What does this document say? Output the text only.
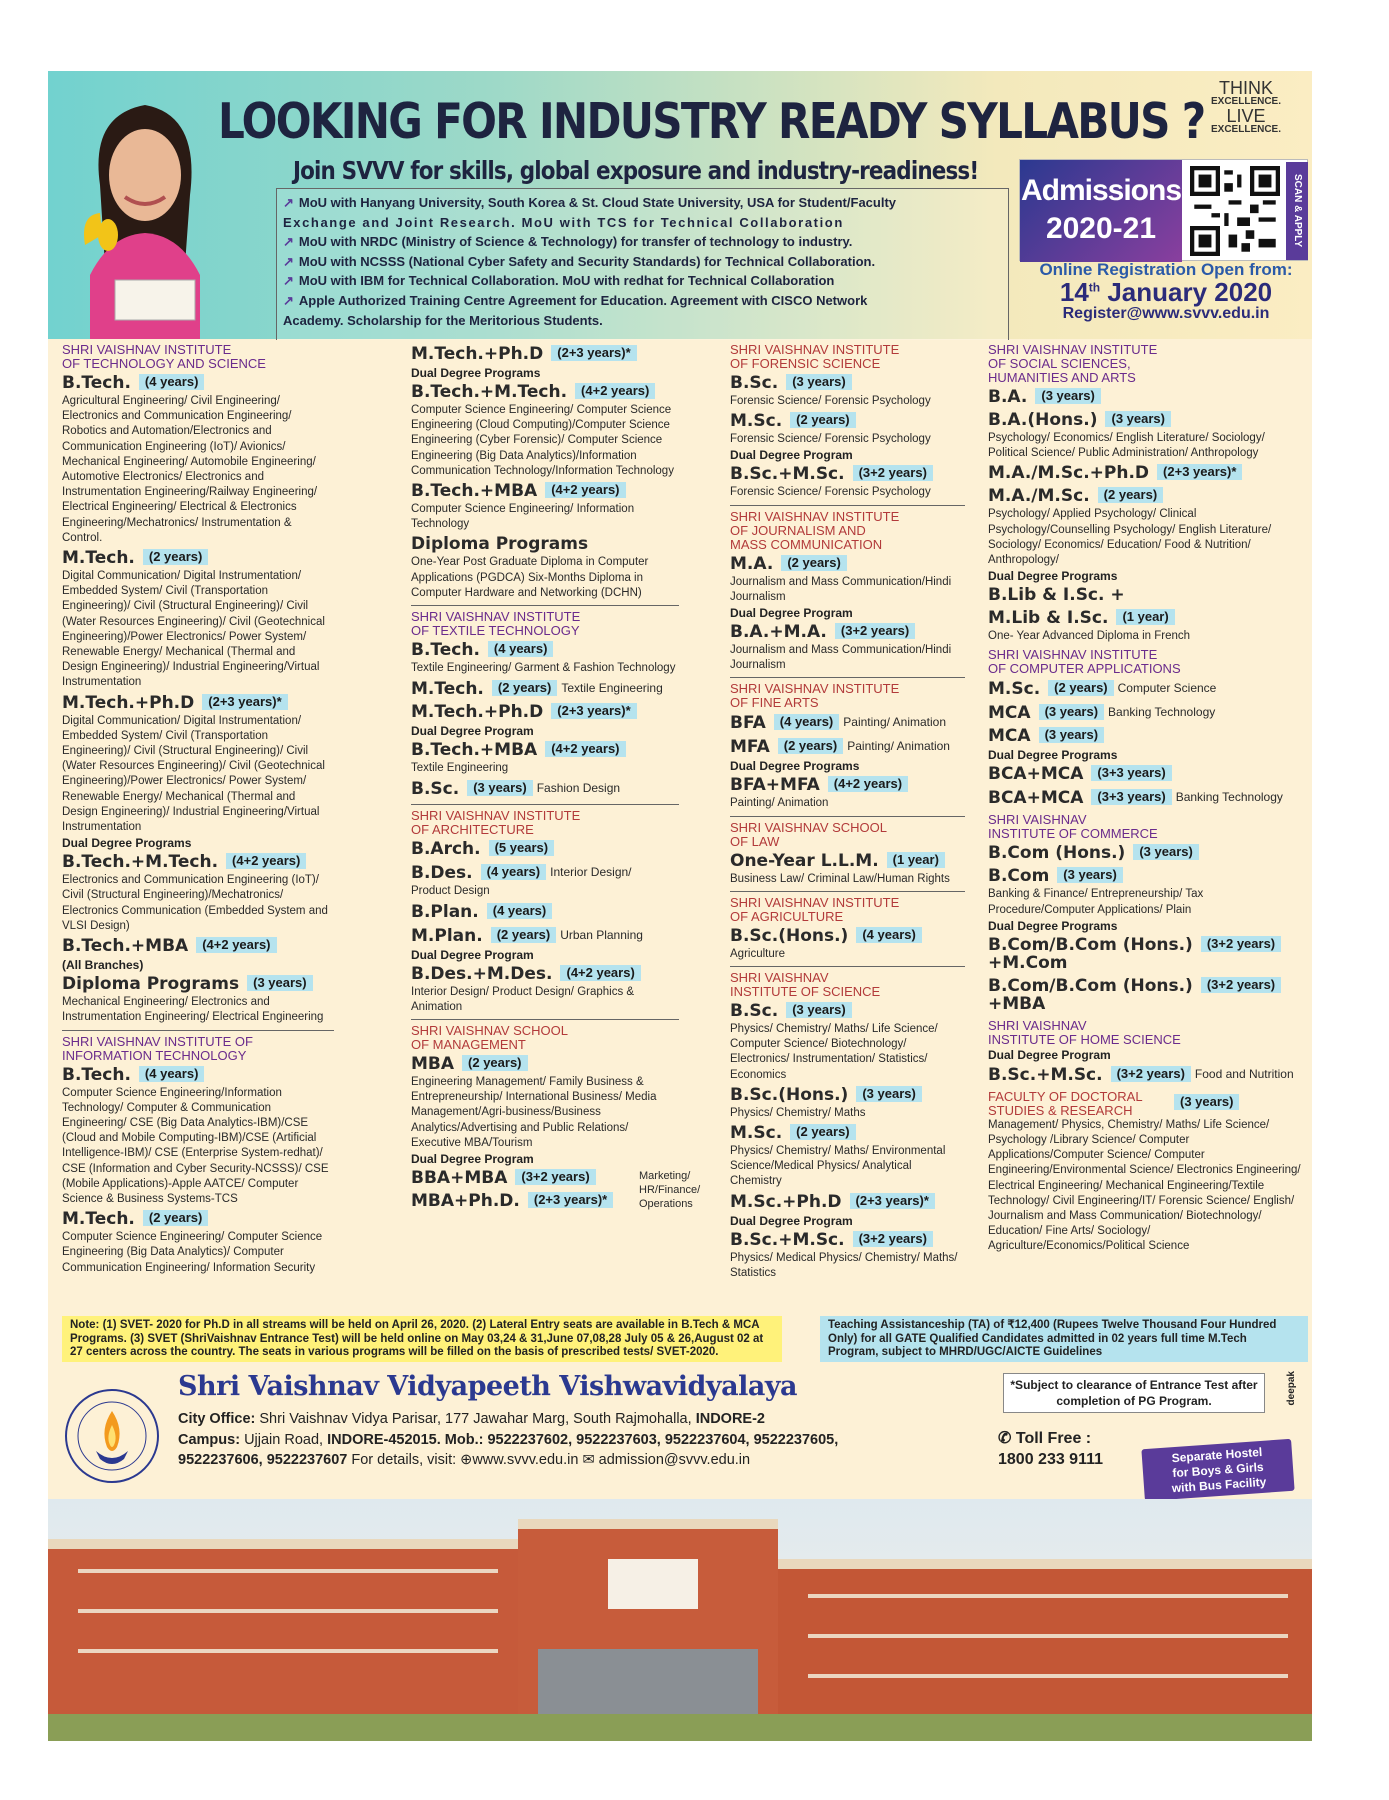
LOOKING FOR INDUSTRY READY SYLLABUS ?
Join SVVV for skills, global exposure and industry-readiness!
THINK
EXCELLENCE.
LIVE
EXCELLENCE.
↗ MoU with Hanyang University, South Korea & St. Cloud State University, USA for Student/Faculty
Exchange and Joint Research. MoU with TCS for Technical Collaboration
↗ MoU with NRDC (Ministry of Science & Technology) for transfer of technology to industry.
↗ MoU with NCSSS (National Cyber Safety and Security Standards) for Technical Collaboration.
↗ MoU with IBM for Technical Collaboration. MoU with redhat for Technical Collaboration
↗ Apple Authorized Training Centre Agreement for Education. Agreement with CISCO Network
Academy. Scholarship for the Meritorious Students.
Admissions
2020-21	SCAN & APPLY
Online Registration Open from:
14th January 2020
Register@www.svvv.edu.in
SHRI VAISHNAV INSTITUTE
OF TECHNOLOGY AND SCIENCE
B.Tech. (4 years)
Agricultural Engineering/ Civil Engineering/ Electronics and Communication Engineering/ Robotics and Automation/Electronics and Communication Engineering (IoT)/ Avionics/ Mechanical Engineering/ Automobile Engineering/ Automotive Electronics/ Electronics and Instrumentation Engineering/Railway Engineering/ Electrical Engineering/ Electrical & Electronics Engineering/Mechatronics/ Instrumentation & Control.
M.Tech. (2 years)
Digital Communication/ Digital Instrumentation/ Embedded System/ Civil (Transportation Engineering)/ Civil (Structural Engineering)/ Civil (Water Resources Engineering)/ Civil (Geotechnical Engineering)/Power Electronics/ Power System/ Renewable Energy/ Mechanical (Thermal and Design Engineering)/ Industrial Engineering/Virtual Instrumentation
M.Tech.+Ph.D (2+3 years)*
Digital Communication/ Digital Instrumentation/ Embedded System/ Civil (Transportation Engineering)/ Civil (Structural Engineering)/ Civil (Water Resources Engineering)/ Civil (Geotechnical Engineering)/Power Electronics/ Power System/ Renewable Energy/ Mechanical (Thermal and Design Engineering)/ Industrial Engineering/Virtual Instrumentation
Dual Degree Programs
B.Tech.+M.Tech. (4+2 years)
Electronics and Communication Engineering (IoT)/ Civil (Structural Engineering)/Mechatronics/ Electronics Communication (Embedded System and VLSI Design)
B.Tech.+MBA (4+2 years)
(All Branches)
Diploma Programs (3 years)
Mechanical Engineering/ Electronics and Instrumentation Engineering/ Electrical Engineering
SHRI VAISHNAV INSTITUTE OF
INFORMATION TECHNOLOGY
B.Tech. (4 years)
Computer Science Engineering/Information Technology/ Computer & Communication Engineering/ CSE (Big Data Analytics-IBM)/CSE (Cloud and Mobile Computing-IBM)/CSE (Artificial Intelligence-IBM)/ CSE (Enterprise System-redhat)/ CSE (Information and Cyber Security-NCSSS)/ CSE (Mobile Applications)-Apple AATCE/ Computer Science & Business Systems-TCS
M.Tech. (2 years)
Computer Science Engineering/ Computer Science Engineering (Big Data Analytics)/ Computer Communication Engineering/ Information Security
M.Tech.+Ph.D (2+3 years)*
Dual Degree Programs
B.Tech.+M.Tech. (4+2 years)
Computer Science Engineering/ Computer Science Engineering (Cloud Computing)/Computer Science Engineering (Cyber Forensic)/ Computer Science Engineering (Big Data Analytics)/Information Communication Technology/Information Technology
B.Tech.+MBA (4+2 years)
Computer Science Engineering/ Information Technology
Diploma Programs
One-Year Post Graduate Diploma in Computer Applications (PGDCA) Six-Months Diploma in Computer Hardware and Networking (DCHN)
SHRI VAISHNAV INSTITUTE
OF TEXTILE TECHNOLOGY
B.Tech. (4 years)
Textile Engineering/ Garment & Fashion Technology
M.Tech. (2 years) Textile Engineering
M.Tech.+Ph.D (2+3 years)*
Dual Degree Program
B.Tech.+MBA (4+2 years)
Textile Engineering
B.Sc. (3 years) Fashion Design
SHRI VAISHNAV INSTITUTE
OF ARCHITECTURE
B.Arch. (5 years)
B.Des. (4 years) Interior Design/
Product Design
B.Plan. (4 years)
M.Plan. (2 years) Urban Planning
Dual Degree Program
B.Des.+M.Des. (4+2 years)
Interior Design/ Product Design/ Graphics & Animation
SHRI VAISHNAV SCHOOL
OF MANAGEMENT
MBA (2 years)
Engineering Management/ Family Business & Entrepreneurship/ International Business/ Media Management/Agri-business/Business Analytics/Advertising and Public Relations/ Executive MBA/Tourism
Dual Degree Program
BBA+MBA (3+2 years)
MBA+Ph.D. (2+3 years)*
Marketing/
HR/Finance/
Operations
SHRI VAISHNAV INSTITUTE
OF FORENSIC SCIENCE
B.Sc. (3 years)
Forensic Science/ Forensic Psychology
M.Sc. (2 years)
Forensic Science/ Forensic Psychology
Dual Degree Program
B.Sc.+M.Sc. (3+2 years)
Forensic Science/ Forensic Psychology
SHRI VAISHNAV INSTITUTE
OF JOURNALISM AND
MASS COMMUNICATION
M.A. (2 years)
Journalism and Mass Communication/Hindi Journalism
Dual Degree Program
B.A.+M.A. (3+2 years)
Journalism and Mass Communication/Hindi Journalism
SHRI VAISHNAV INSTITUTE
OF FINE ARTS
BFA (4 years) Painting/ Animation
MFA (2 years) Painting/ Animation
Dual Degree Programs
BFA+MFA (4+2 years)
Painting/ Animation
SHRI VAISHNAV SCHOOL
OF LAW
One-Year L.L.M. (1 year)
Business Law/ Criminal Law/Human Rights
SHRI VAISHNAV INSTITUTE
OF AGRICULTURE
B.Sc.(Hons.) (4 years)
Agriculture
SHRI VAISHNAV
INSTITUTE OF SCIENCE
B.Sc. (3 years)
Physics/ Chemistry/ Maths/ Life Science/ Computer Science/ Biotechnology/ Electronics/ Instrumentation/ Statistics/ Economics
B.Sc.(Hons.) (3 years)
Physics/ Chemistry/ Maths
M.Sc. (2 years)
Physics/ Chemistry/ Maths/ Environmental Science/Medical Physics/ Analytical Chemistry
M.Sc.+Ph.D (2+3 years)*
Dual Degree Program
B.Sc.+M.Sc. (3+2 years)
Physics/ Medical Physics/ Chemistry/ Maths/ Statistics
SHRI VAISHNAV INSTITUTE
OF SOCIAL SCIENCES,
HUMANITIES AND ARTS
B.A. (3 years)
B.A.(Hons.) (3 years)
Psychology/ Economics/ English Literature/ Sociology/ Political Science/ Public Administration/ Anthropology
M.A./M.Sc.+Ph.D (2+3 years)*
M.A./M.Sc. (2 years)
Psychology/ Applied Psychology/ Clinical Psychology/Counselling Psychology/ English Literature/ Sociology/ Economics/ Education/ Food & Nutrition/ Anthropology/
Dual Degree Programs
B.Lib & I.Sc. +
M.Lib & I.Sc. (1 year)
One- Year Advanced Diploma in French
SHRI VAISHNAV INSTITUTE
OF COMPUTER APPLICATIONS
M.Sc. (2 years) Computer Science
MCA (3 years) Banking Technology
MCA (3 years)
Dual Degree Programs
BCA+MCA (3+3 years)
BCA+MCA (3+3 years) Banking Technology
SHRI VAISHNAV
INSTITUTE OF COMMERCE
B.Com (Hons.) (3 years)
B.Com (3 years)
Banking & Finance/ Entrepreneurship/ Tax Procedure/Computer Applications/ Plain
Dual Degree Programs
B.Com/B.Com (Hons.) (3+2 years)
+M.Com
B.Com/B.Com (Hons.) (3+2 years)
+MBA
SHRI VAISHNAV
INSTITUTE OF HOME SCIENCE
Dual Degree Program
B.Sc.+M.Sc. (3+2 years) Food and Nutrition
FACULTY OF DOCTORAL
STUDIES & RESEARCH
(3 years)
Management/ Physics, Chemistry/ Maths/ Life Science/ Psychology /Library Science/ Computer Applications/Computer Science/ Computer Engineering/Environmental Science/ Electronics Engineering/ Electrical Engineering/ Mechanical Engineering/Textile Technology/ Civil Engineering/IT/ Forensic Science/ English/ Journalism and Mass Communication/ Biotechnology/ Education/ Fine Arts/ Sociology/ Agriculture/Economics/Political Science
Note: (1) SVET- 2020 for Ph.D in all streams will be held on April 26, 2020. (2) Lateral Entry seats are available in B.Tech & MCA Programs. (3) SVET (ShriVaishnav Entrance Test) will be held online on May 03,24 & 31,June 07,08,28 July 05 & 26,August 02 at 27 centers across the country. The seats in various programs will be filled on the basis of prescribed tests/ SVET-2020.
Teaching Assistanceship (TA) of ₹12,400 (Rupees Twelve Thousand Four Hundred Only) for all GATE Qualified Candidates admitted in 02 years full time M.Tech Program, subject to MHRD/UGC/AICTE Guidelines
Shri Vaishnav Vidyapeeth Vishwavidyalaya
City Office: Shri Vaishnav Vidya Parisar, 177 Jawahar Marg, South Rajmohalla, INDORE-2
Campus: Ujjain Road, INDORE-452015. Mob.: 9522237602, 9522237603, 9522237604, 9522237605,
9522237606, 9522237607 For details, visit: ⊕www.svvv.edu.in ✉ admission@svvv.edu.in
✆ Toll Free :
1800 233 9111
*Subject to clearance of Entrance Test after completion of PG Program.	deepak
Separate Hostel
for Boys & Girls
with Bus Facility
